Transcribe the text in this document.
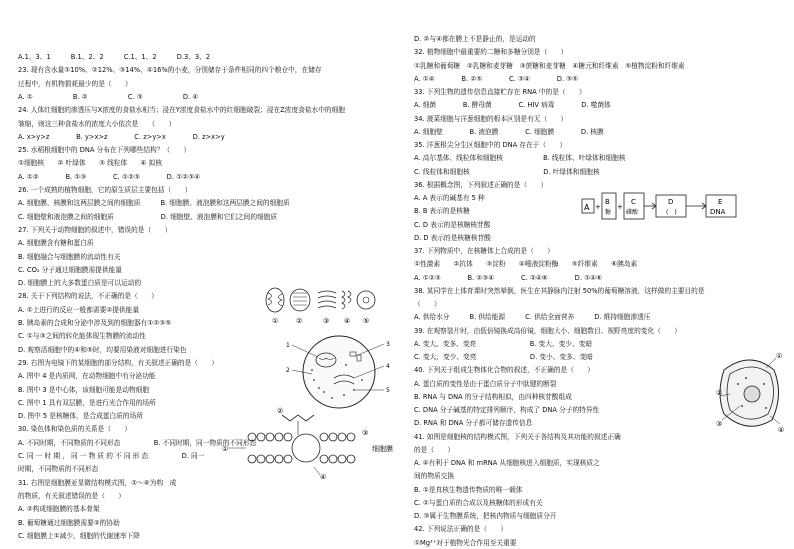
A.1、3、1　　　B.1、2、2　　　C.1、1、2　　　D.3、3、2
23. 现有含水量①10%、②12%、③14%、④16%的小麦，分别储存于条件相同的四个粮仓中，在储存
过程中，有机物损耗最少的是（　　）
A. ①　　　　　　B. ②　　　　　　C. ③　　　　　　D. ④
24. 人体红细胞的渗透压与X浓度的食盐水相当；浸在Y浓度食盐水中的红细胞破裂；浸在Z浓度食盐水中的细胞
皱缩，则这三种食盐水的浓度大小依次是　　（　　）
A. x>y>z　　　　B. y>x>z　　　　C. z>y>x　　　　D. z>x>y
25. 水稻根细胞中的 DNA 分布在下列哪些结构？（　　）
①细胞核　　② 叶绿体　　③ 线粒体　　④ 拟核
A. ①②　　　　B. ①③　　　　C. ①②③　　　　D. ①②③④
26. 一个成熟的植物细胞，它的原生质层主要包括（　　）
A. 细胞膜、核膜和这两层膜之间的细胞质　　　B. 细胞膜、液泡膜和这两层膜之间的细胞质
C. 细胞壁和液泡膜之间的细胞质　　　　　　　D. 细胞壁、液泡膜和它们之间的细胞质
27. 下列关于动物细胞的叙述中，错误的是（　　）
A. 细胞膜含有糖和蛋白质
B. 细胞融合与细胞膜的流动性有关
C. CO₂ 分子通过细胞膜需提供能量
D. 细胞膜上的大多数蛋白质是可以运动的
28. 关于下列结构的说法，不正确的是（　　）
A. ①上进行的反应一般都需要②提供能量
B. 胰岛素的合成和分泌中涉及到的细胞器有①②③⑤
C. ①与③之间的转化能体现生物膜的流动性
D. 观察活细胞中的④和⑤时，均要用染液对细胞进行染色
29. 右图为电镜下的某细胞的部分结构，有关叙述正确的是（　　）
A. 图中 4 是内质网，在动物细胞中有分泌功能
B. 图中 3 是中心体，该细胞可能是动物细胞
C. 图中 1 具有双层膜，是进行光合作用的场所
D. 图中 5 是核糖体，是合成蛋白质的场所
30. 染色体和染色质的关系是（　　）
A. 不同时期，不同物质的不同形态　　　　　B. 不同时期，同一物质的不同形态
C. 同 一 时 期 ， 同 一 物 质 的 不 同 形 态　　　　　D. 同一
时期，不同物质的不同形态
31. 右图是细胞膜亚显微结构模式图，①～④为构　成
的物质，有关叙述错误的是（　　）
A. ②构成细胞膜的基本骨架
B. 葡萄糖通过细胞膜需要②的协助
C. 细胞膜上①减少，细胞的代谢速率下降
D. ②与④都在膜上不是静止的，是运动的
32. 植物细胞中最重要的二糖和多糖分别是（　　）
①乳糖和葡萄糖　②乳糖和麦芽糖　③蔗糖和麦芽糖　④糖元和纤维素　⑤植物淀粉和纤维素
A. ①④　　　　B. ②⑤　　　　C. ③④　　　　D. ③⑤
33. 下列生物的遗传信息直接贮存在 RNA 中的是（　　）
A. 细菌　　　　B. 酵母菌　　　　C. HIV 病毒　　　　D. 噬菌体
34. 菠菜细胞与洋葱细胞的根本区别是有无（　　）
A. 细胞壁　　　　B. 液泡膜　　　　C. 细胞膜　　　　D. 核膜
35. 洋葱根尖分生区细胞中的 DNA 存在于（　　）
A. 高尔基体、线粒体和细胞核　　　　　　B. 线粒体、叶绿体和细胞核
C. 线粒体和细胞核　　　　　　　　　　　D. 叶绿体和细胞核
36. 根据概念图，下列叙述正确的是（　　）
A. A 表示的碱基有 5 种
B. B 表示的是核糖
C. D 表示的是核糖核苷酸
D. D 表示的是核糖核苷酸
37. 下列物质中，在核糖体上合成的是（　　）
①性激素　　②抗体　　③淀粉　　④唾液淀粉酶　　⑤纤维素　　⑥胰岛素
A. ①②③　　　　B. ②③④　　　　C. ②④⑥　　　　D. ①④⑥
38. 某同学在上体育课时突然晕倒，医生在其静脉内注射 50%的葡萄糖溶液，这样做的主要目的是
（　　）
A. 供给水分　　　B. 供给能源　　　C. 供给全面营养　　　D. 维持细胞渗透压
39. 在观察装片时，由低倍镜换成高倍镜，细胞大小、细胞数目、视野亮度的变化（　　）
A. 变大、变多、变亮　　　　　　　　B. 变大、变少、变暗
C. 变大、变少、变亮　　　　　　　　D. 变小、变多、变暗
40. 下列关于组成生物体化合物的叙述，不正确的是（　　）
A. 蛋白质的变性是由于蛋白质分子中肽键的断裂
B. RNA 与 DNA 的分子结构相似，由四种核苷酸组成
C. DNA 分子碱基的特定排列顺序，构成了 DNA 分子的特异性
D. RNA 和 DNA 分子都可储存遗传信息
41. 如图是细胞核的结构模式图，下列关于各结构及其功能的叙述正确
的是（　　）
A. ④有利于 DNA 和 mRNA 从细胞核进入细胞质，实现核质之
间的物质交换
B. ①是真核生物遗传物质的唯一载体
C. ②与蛋白质的合成以及核糖体的形成有关
D. ③属于生物膜系统，把核内物质与细胞质分开
42. 下列说法正确的是（　　）
①Mg²⁺对于植物光合作用至关重要
①	②	③ ④ ⑤
1
2
3
4
5
①
②
③
④
细胞膜
A +
B
糖
+
C
磷酸
D
(　)
E
DNA
①
②
③
④
